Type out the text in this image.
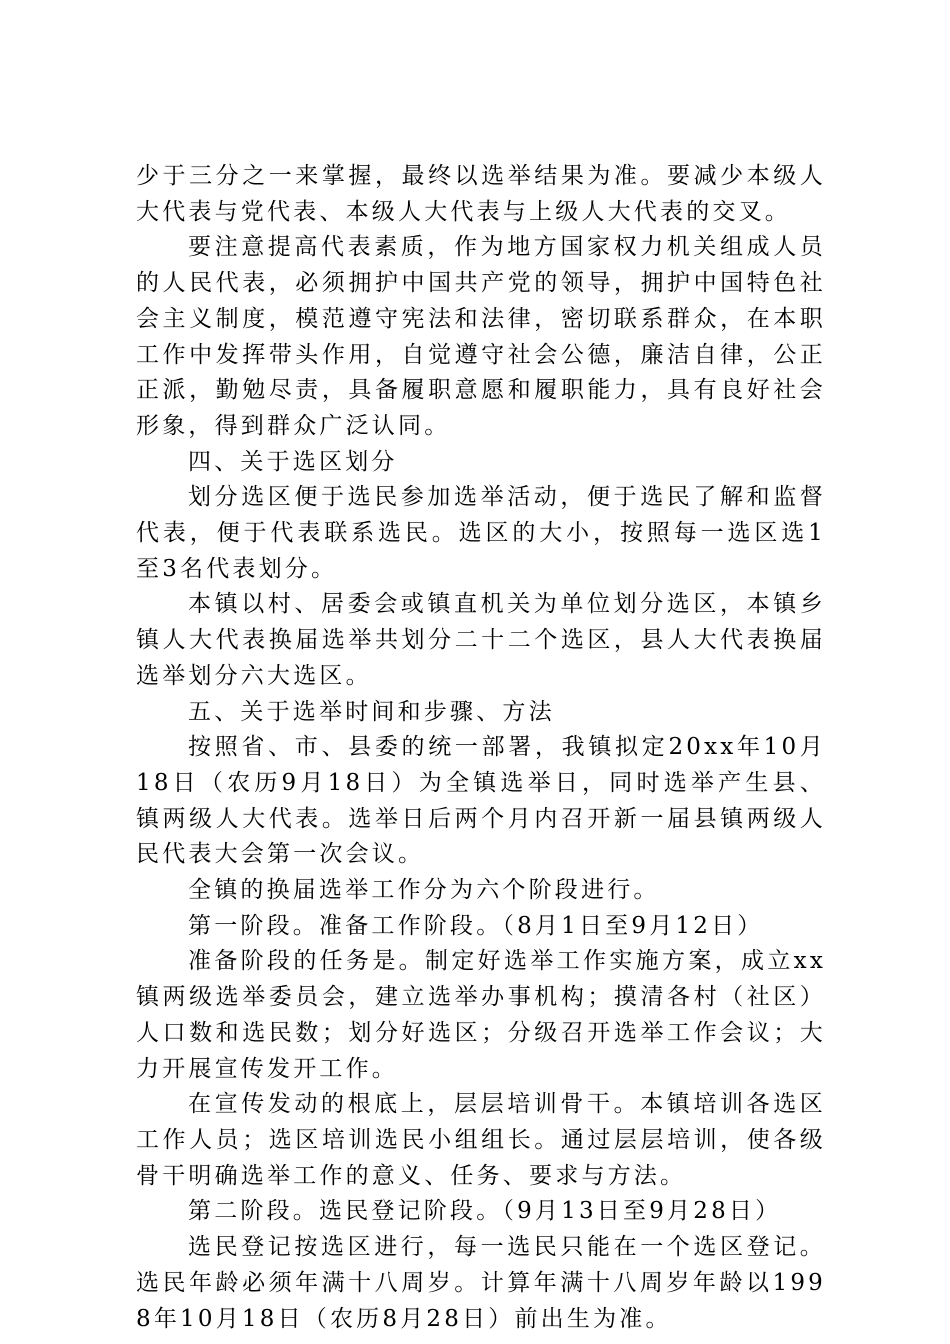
少于三分之一来掌握，最终以选举结果为准。要减少本级人大代表与党代表、本级人大代表与上级人大代表的交叉。

要注意提高代表素质，作为地方国家权力机关组成人员的人民代表，必须拥护中国共产党的领导，拥护中国特色社会主义制度，模范遵守宪法和法律，密切联系群众，在本职工作中发挥带头作用，自觉遵守社会公德，廉洁自律，公正正派，勤勉尽责，具备履职意愿和履职能力，具有良好社会形象，得到群众广泛认同。

四、关于选区划分

划分选区便于选民参加选举活动，便于选民了解和监督代表，便于代表联系选民。选区的大小，按照每一选区选1至3名代表划分。

本镇以村、居委会或镇直机关为单位划分选区，本镇乡镇人大代表换届选举共划分二十二个选区，县人大代表换届选举划分六大选区。

五、关于选举时间和步骤、方法

按照省、市、县委的统一部署，我镇拟定20xx年10月18日（农历9月18日）为全镇选举日，同时选举产生县、镇两级人大代表。选举日后两个月内召开新一届县镇两级人民代表大会第一次会议。

全镇的换届选举工作分为六个阶段进行。

第一阶段。准备工作阶段。（8月1日至9月12日）

准备阶段的任务是。制定好选举工作实施方案，成立xx镇两级选举委员会，建立选举办事机构；摸清各村（社区）人口数和选民数；划分好选区；分级召开选举工作会议；大力开展宣传发开工作。

在宣传发动的根底上，层层培训骨干。本镇培训各选区工作人员；选区培训选民小组组长。通过层层培训，使各级骨干明确选举工作的意义、任务、要求与方法。

第二阶段。选民登记阶段。（9月13日至9月28日）

选民登记按选区进行，每一选民只能在一个选区登记。选民年龄必须年满十八周岁。计算年满十八周岁年龄以1998年10月18日（农历8月28日）前出生为准。
